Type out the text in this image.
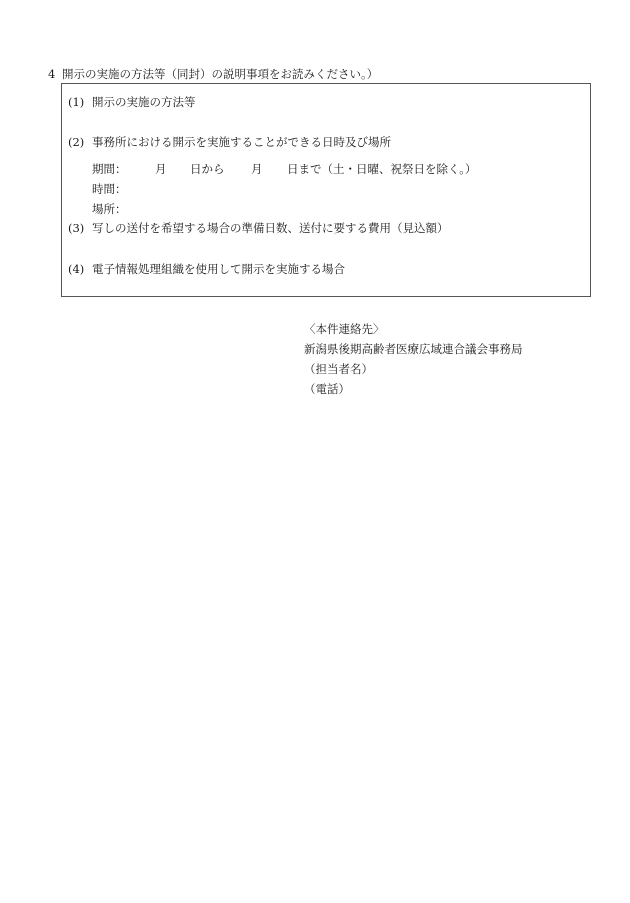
4 開示の実施の方法等（同封）の説明事項をお読みください。）
(1) 開示の実施の方法等
(2) 事務所における開示を実施することができる日時及び場所
期間： 月 日から 月 日まで（土・日曜、祝祭日を除く。）
時間：
場所：
(3) 写しの送付を希望する場合の準備日数、送付に要する費用（見込額）
(4) 電子情報処理組織を使用して開示を実施する場合
〈本件連絡先〉
新潟県後期高齢者医療広域連合議会事務局
（担当者名）
（電話）
